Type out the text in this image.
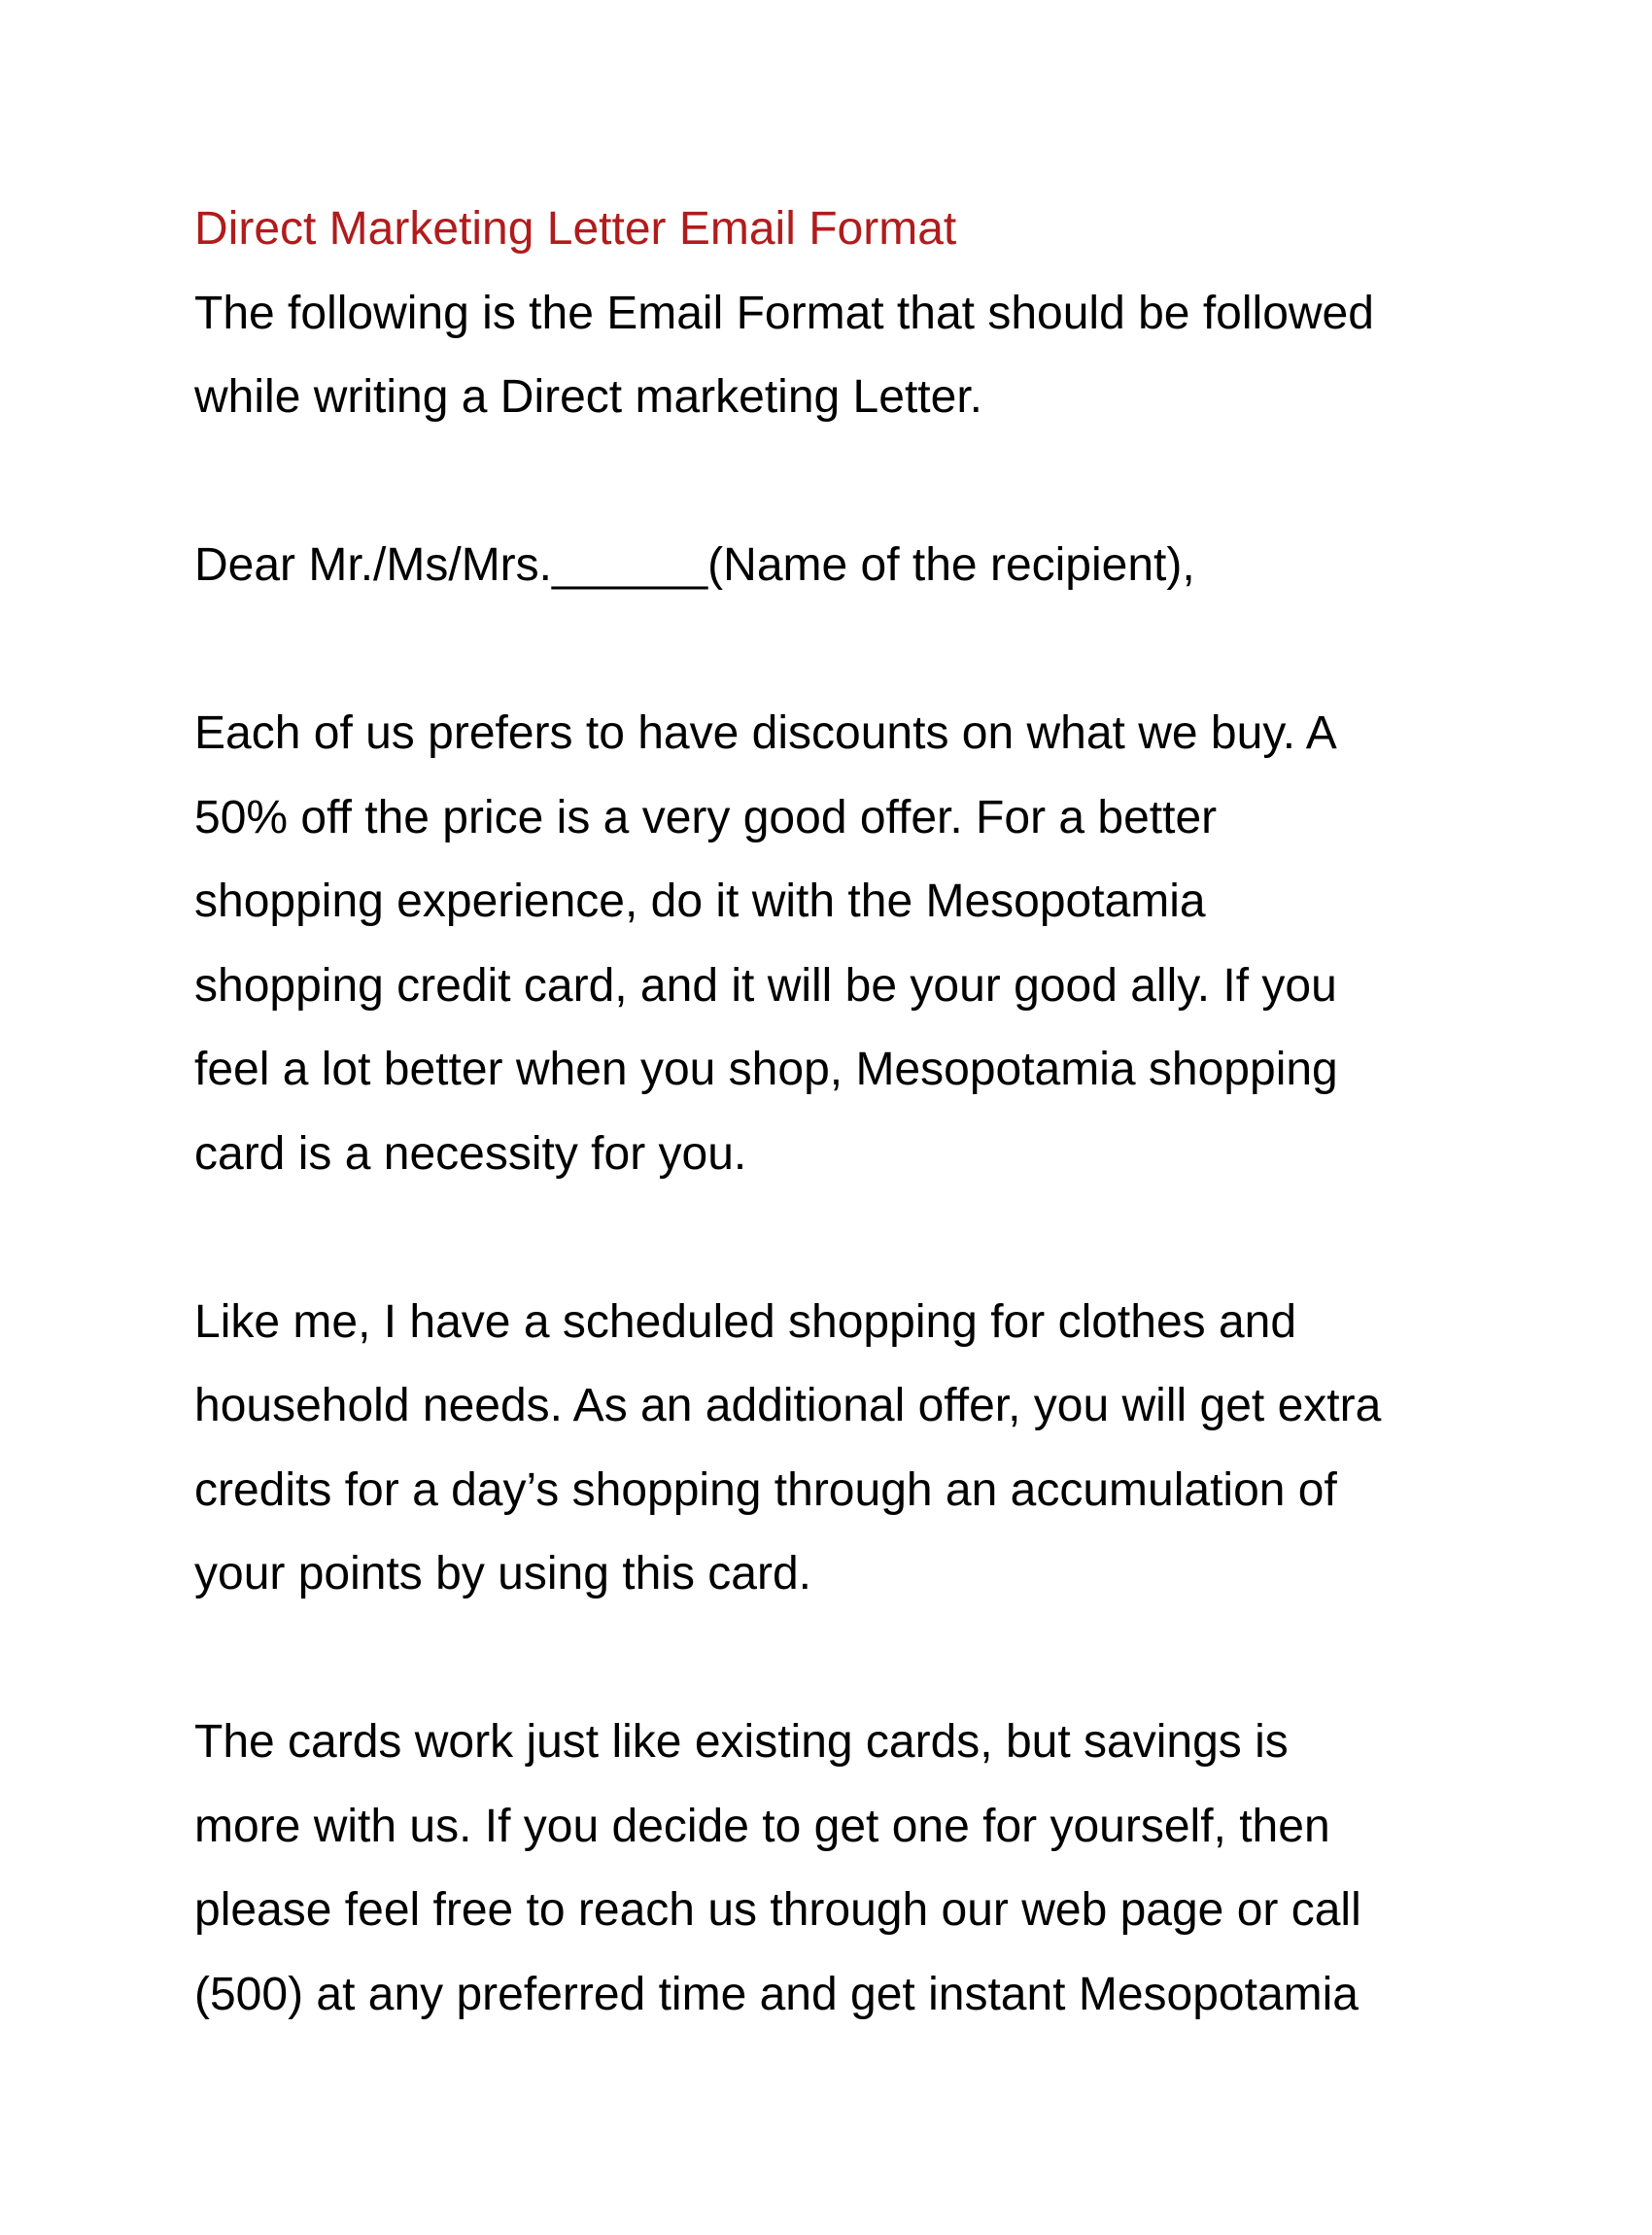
Direct Marketing Letter Email Format

The following is the Email Format that should be followed
while writing a Direct marketing Letter.

Dear Mr./Ms/Mrs.______(Name of the recipient),

Each of us prefers to have discounts on what we buy. A
50% off the price is a very good offer. For a better
shopping experience, do it with the Mesopotamia
shopping credit card, and it will be your good ally. If you
feel a lot better when you shop, Mesopotamia shopping
card is a necessity for you.

Like me, I have a scheduled shopping for clothes and
household needs. As an additional offer, you will get extra
credits for a day’s shopping through an accumulation of
your points by using this card.

The cards work just like existing cards, but savings is
more with us. If you decide to get one for yourself, then
please feel free to reach us through our web page or call
(500) at any preferred time and get instant Mesopotamia
